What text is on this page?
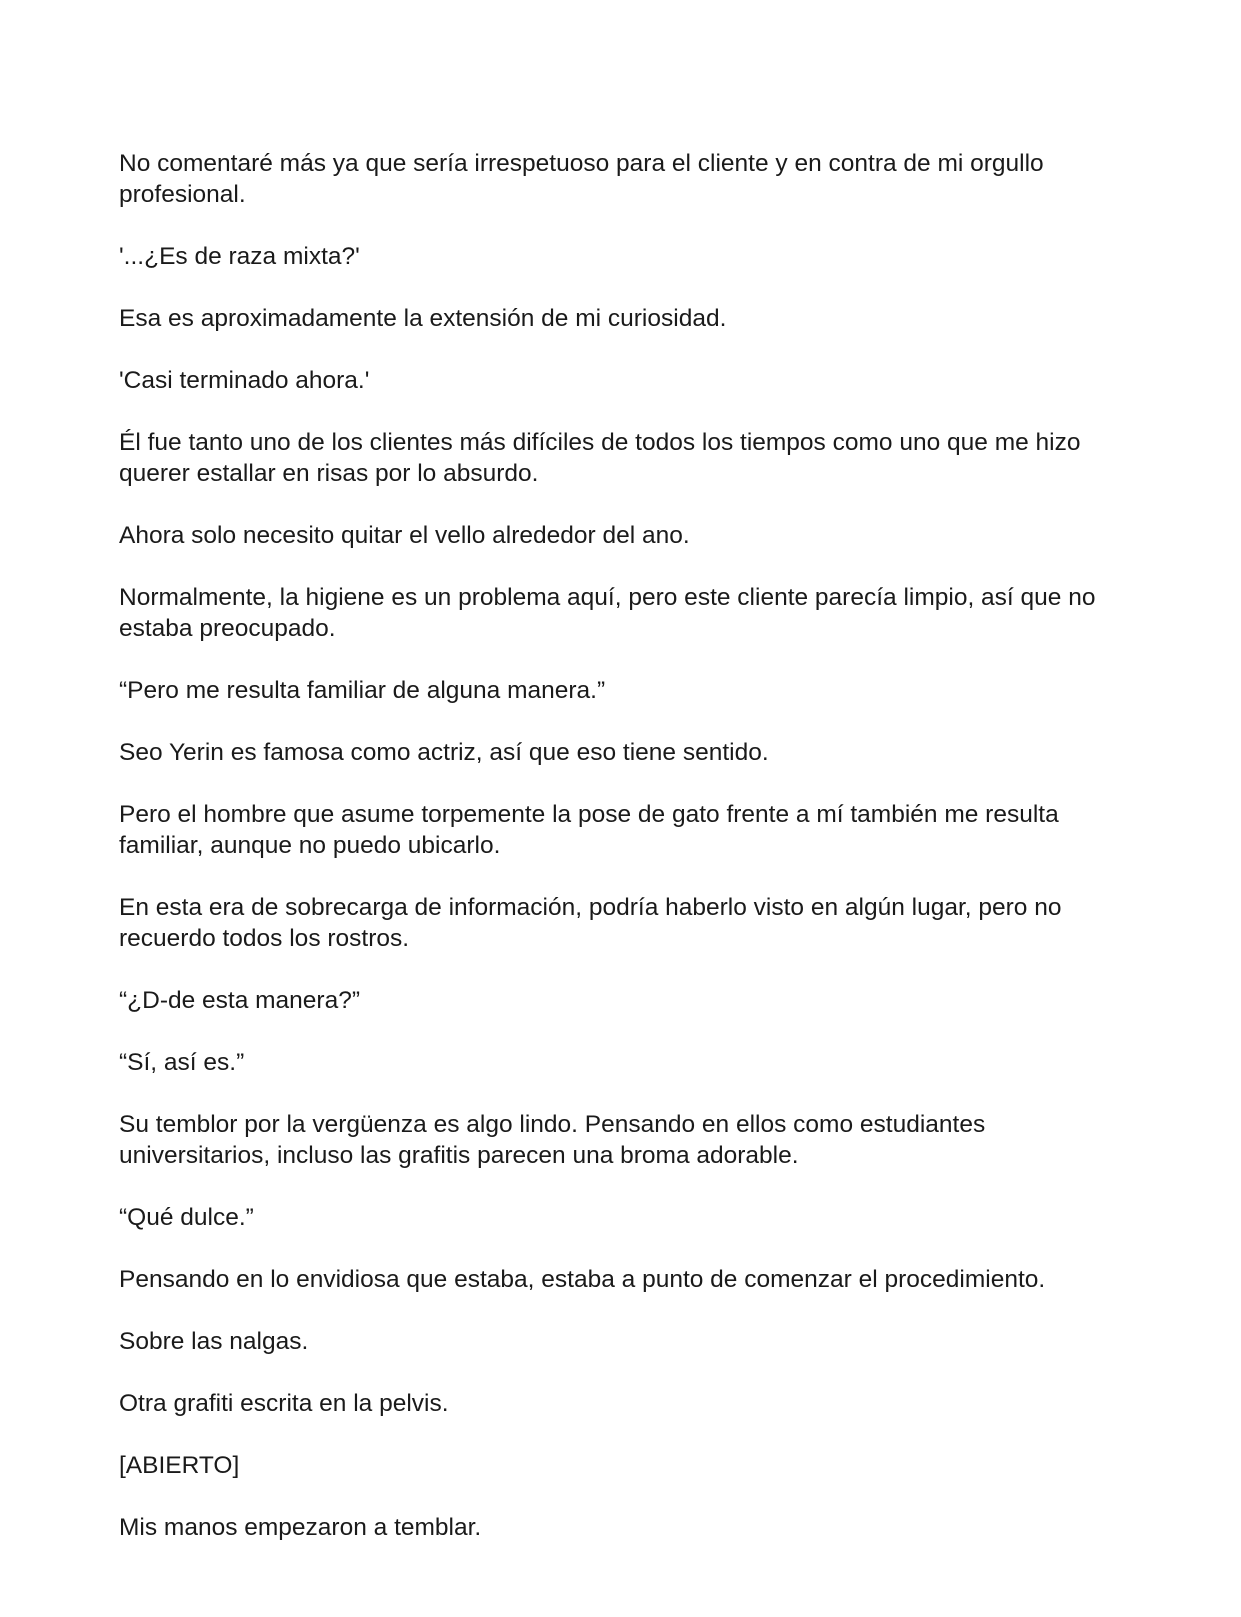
No comentaré más ya que sería irrespetuoso para el cliente y en contra de mi orgullo profesional.

'...¿Es de raza mixta?'

Esa es aproximadamente la extensión de mi curiosidad.

'Casi terminado ahora.'

Él fue tanto uno de los clientes más difíciles de todos los tiempos como uno que me hizo querer estallar en risas por lo absurdo.

Ahora solo necesito quitar el vello alrededor del ano.

Normalmente, la higiene es un problema aquí, pero este cliente parecía limpio, así que no estaba preocupado.

“Pero me resulta familiar de alguna manera.”

Seo Yerin es famosa como actriz, así que eso tiene sentido.

Pero el hombre que asume torpemente la pose de gato frente a mí también me resulta familiar, aunque no puedo ubicarlo.

En esta era de sobrecarga de información, podría haberlo visto en algún lugar, pero no recuerdo todos los rostros.

“¿D-de esta manera?”

“Sí, así es.”

Su temblor por la vergüenza es algo lindo. Pensando en ellos como estudiantes universitarios, incluso las grafitis parecen una broma adorable.

“Qué dulce.”

Pensando en lo envidiosa que estaba, estaba a punto de comenzar el procedimiento.

Sobre las nalgas.

Otra grafiti escrita en la pelvis.

[ABIERTO]

Mis manos empezaron a temblar.
